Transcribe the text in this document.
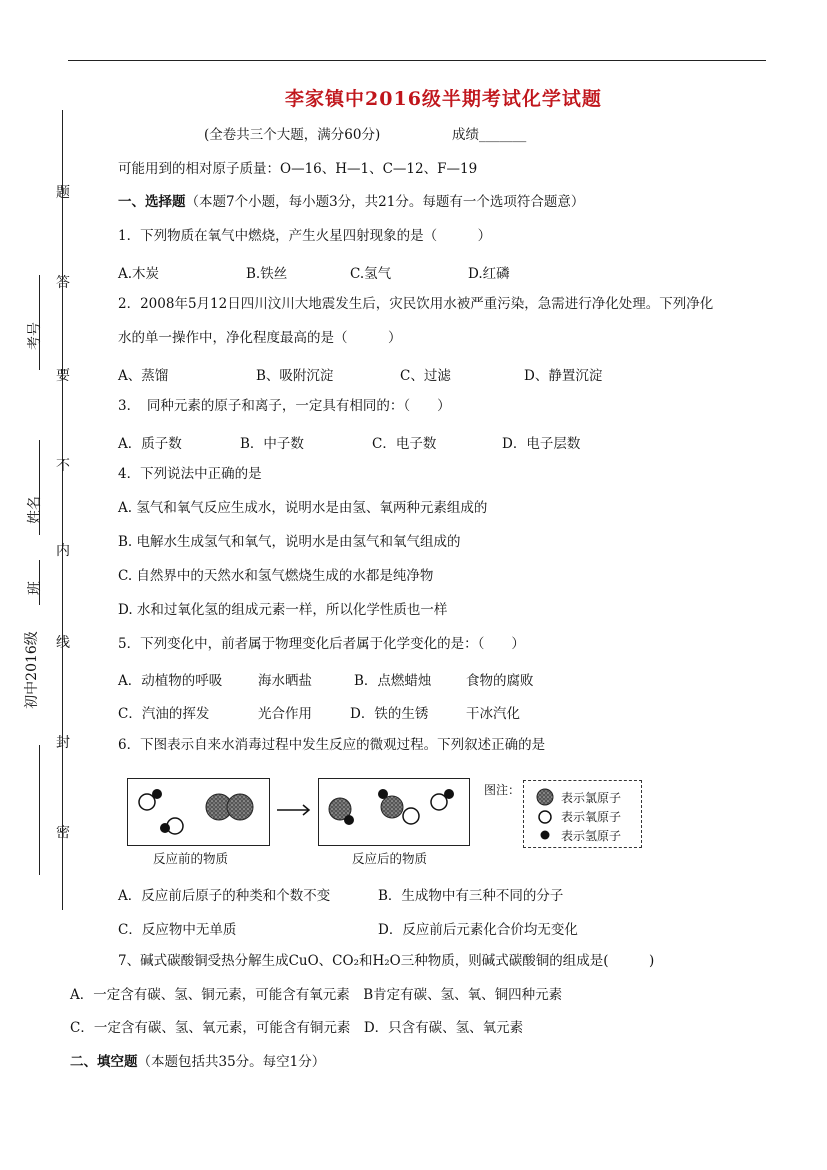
题
答
要
不
内
线
封
密
考号
姓名
班
初中2016级
李家镇中2016级半期考试化学试题
(全卷共三个大题，满分60分)	成绩_______
可能用到的相对原子质量：O—16、H—1、C—12、F—19
一、选择题（本题7个小题，每小题3分，共21分。每题有一个选项符合题意）
1．下列物质在氧气中燃烧，产生火星四射现象的是（　　　）
A.木炭	B.铁丝	C.氢气	D.红磷
2．2008年5月12日四川汶川大地震发生后，灾民饮用水被严重污染，急需进行净化处理。下列净化
水的单一操作中，净化程度最高的是（　　　）
A、蒸馏	B、吸附沉淀	C、过滤	D、静置沉淀
3．　同种元素的原子和离子，一定具有相同的：（　　）
A．质子数	B．中子数	C．电子数	D．电子层数
4．下列说法中正确的是
A. 氢气和氧气反应生成水，说明水是由氢、氧两种元素组成的
B. 电解水生成氢气和氧气，说明水是由氢气和氧气组成的
C. 自然界中的天然水和氢气燃烧生成的水都是纯净物
D. 水和过氧化氢的组成元素一样，所以化学性质也一样
5．下列变化中，前者属于物理变化后者属于化学变化的是：（　　）
A．动植物的呼吸	海水晒盐	B．点燃蜡烛	食物的腐败
C．汽油的挥发	光合作用	D．铁的生锈	干冰汽化
6．下图表示自来水消毒过程中发生反应的微观过程。下列叙述正确的是
图注：
表示氯原子
表示氧原子
表示氢原子
反应前的物质	反应后的物质
A．反应前后原子的种类和个数不变	B．生成物中有三种不同的分子
C．反应物中无单质	D．反应前后元素化合价均无变化
7、碱式碳酸铜受热分解生成CuO、CO₂和H₂O三种物质，则碱式碳酸铜的组成是(　　　)
A．一定含有碳、氢、铜元素，可能含有氧元素　B肯定有碳、氢、氧、铜四种元素
C．一定含有碳、氢、氧元素，可能含有铜元素　D．只含有碳、氢、氧元素
二、填空题（本题包括共35分。每空1分）
